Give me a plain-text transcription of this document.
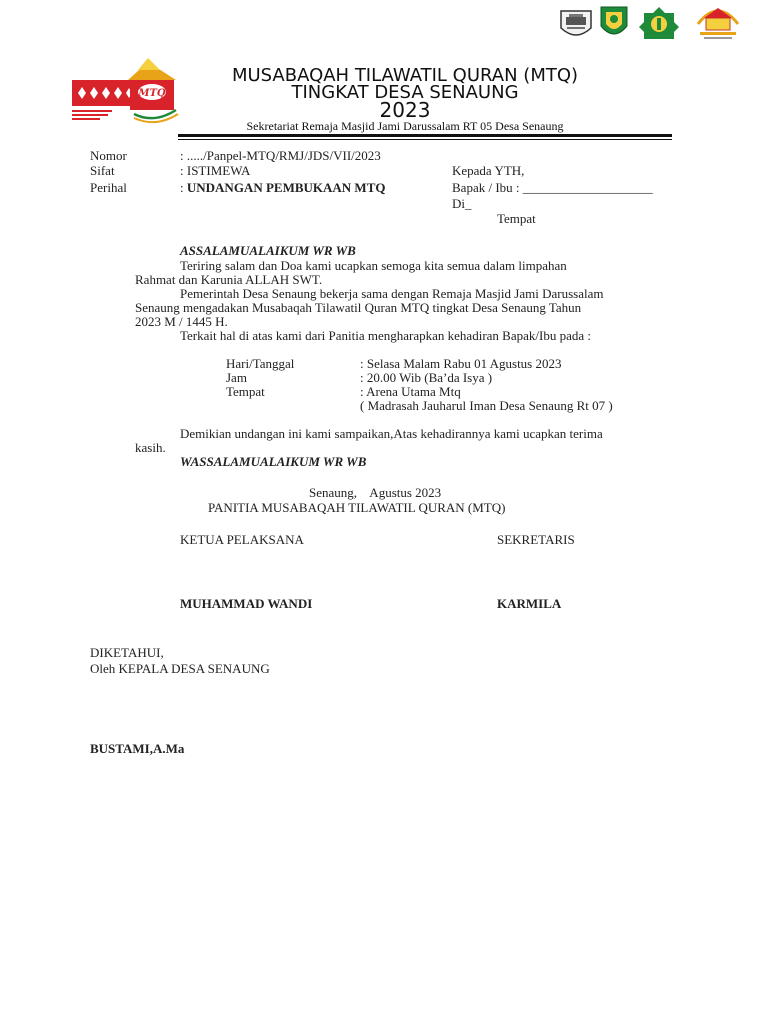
MTQ
MUSABAQAH TILAWATIL QURAN (MTQ)
TINGKAT DESA SENAUNG
2023
Sekretariat Remaja Masjid Jami Darussalam RT 05 Desa Senaung
Nomor	: ...../Panpel-MTQ/RMJ/JDS/VII/2023
Sifat	: ISTIMEWA
Perihal	: UNDANGAN PEMBUKAAN MTQ
Kepada YTH,
Bapak / Ibu : ____________________
Di_
Tempat
ASSALAMUALAIKUM WR WB
Teriring salam dan Doa kami ucapkan semoga kita semua dalam limpahan
Rahmat dan Karunia ALLAH SWT.
Pemerintah Desa Senaung bekerja sama dengan Remaja Masjid Jami Darussalam
Senaung mengadakan Musabaqah Tilawatil Quran MTQ tingkat Desa Senaung Tahun
2023 M / 1445 H.
Terkait hal di atas kami dari Panitia mengharapkan kehadiran Bapak/Ibu pada :
Hari/Tanggal	: Selasa Malam Rabu 01 Agustus 2023
Jam	: 20.00 Wib (Ba’da Isya )
Tempat	: Arena Utama Mtq
( Madrasah Jauharul Iman Desa Senaung Rt 07 )
Demikian undangan ini kami sampaikan,Atas kehadirannya kami ucapkan terima
kasih.
WASSALAMUALAIKUM WR WB
Senaung,    Agustus 2023
PANITIA MUSABAQAH TILAWATIL QURAN (MTQ)
KETUA PELAKSANA	SEKRETARIS
MUHAMMAD WANDI	KARMILA
DIKETAHUI,
Oleh KEPALA DESA SENAUNG
BUSTAMI,A.Ma
